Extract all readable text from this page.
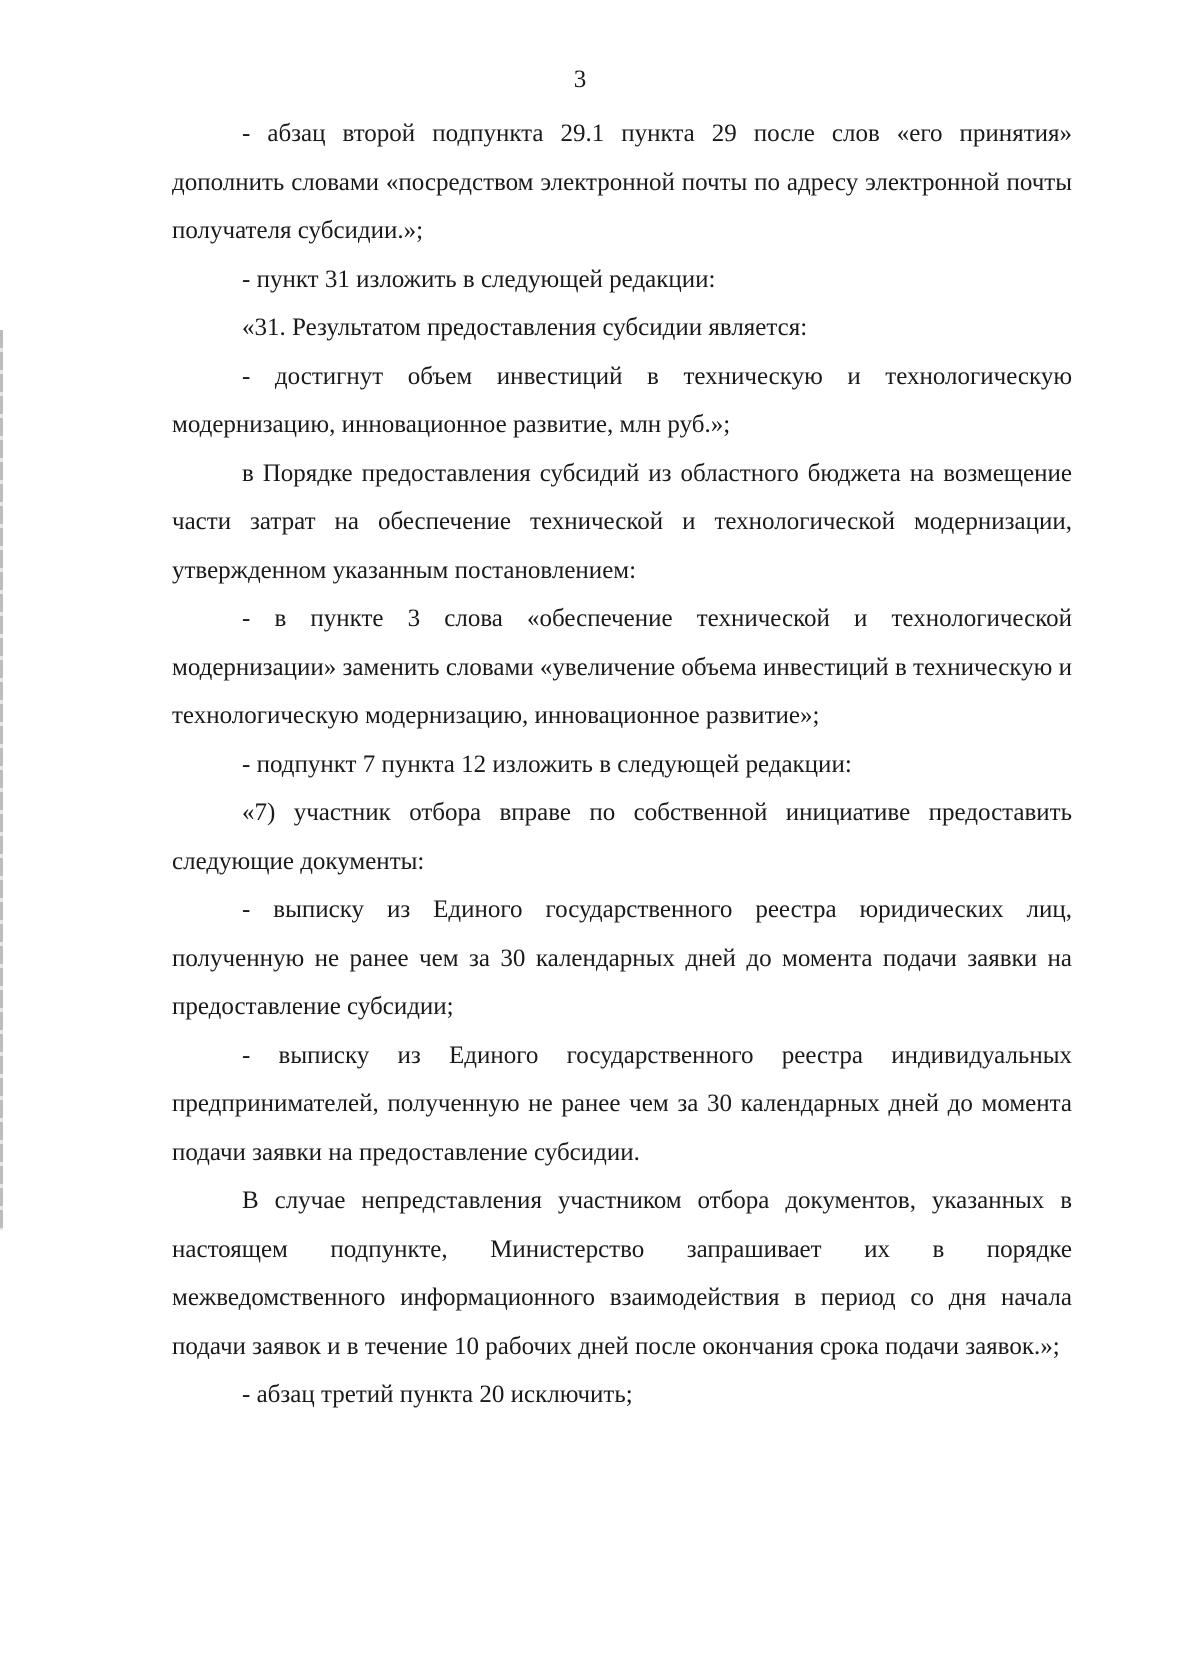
3

- абзац второй подпункта 29.1 пункта 29 после слов «его принятия» дополнить словами «посредством электронной почты по адресу электронной почты получателя субсидии.»;

- пункт 31 изложить в следующей редакции:

«31. Результатом предоставления субсидии является:

- достигнут объем инвестиций в техническую и технологическую модернизацию, инновационное развитие, млн руб.»;

в Порядке предоставления субсидий из областного бюджета на возмещение части затрат на обеспечение технической и технологической модернизации, утвержденном указанным постановлением:

- в пункте 3 слова «обеспечение технической и технологической модернизации» заменить словами «увеличение объема инвестиций в техническую и технологическую модернизацию, инновационное развитие»;

- подпункт 7 пункта 12 изложить в следующей редакции:

«7) участник отбора вправе по собственной инициативе предоставить следующие документы:

- выписку из Единого государственного реестра юридических лиц, полученную не ранее чем за 30 календарных дней до момента подачи заявки на предоставление субсидии;

- выписку из Единого государственного реестра индивидуальных предпринимателей, полученную не ранее чем за 30 календарных дней до момента подачи заявки на предоставление субсидии.

В случае непредставления участником отбора документов, указанных в настоящем подпункте, Министерство запрашивает их в порядке межведомственного информационного взаимодействия в период со дня начала подачи заявок и в течение 10 рабочих дней после окончания срока подачи заявок.»;

- абзац третий пункта 20 исключить;
